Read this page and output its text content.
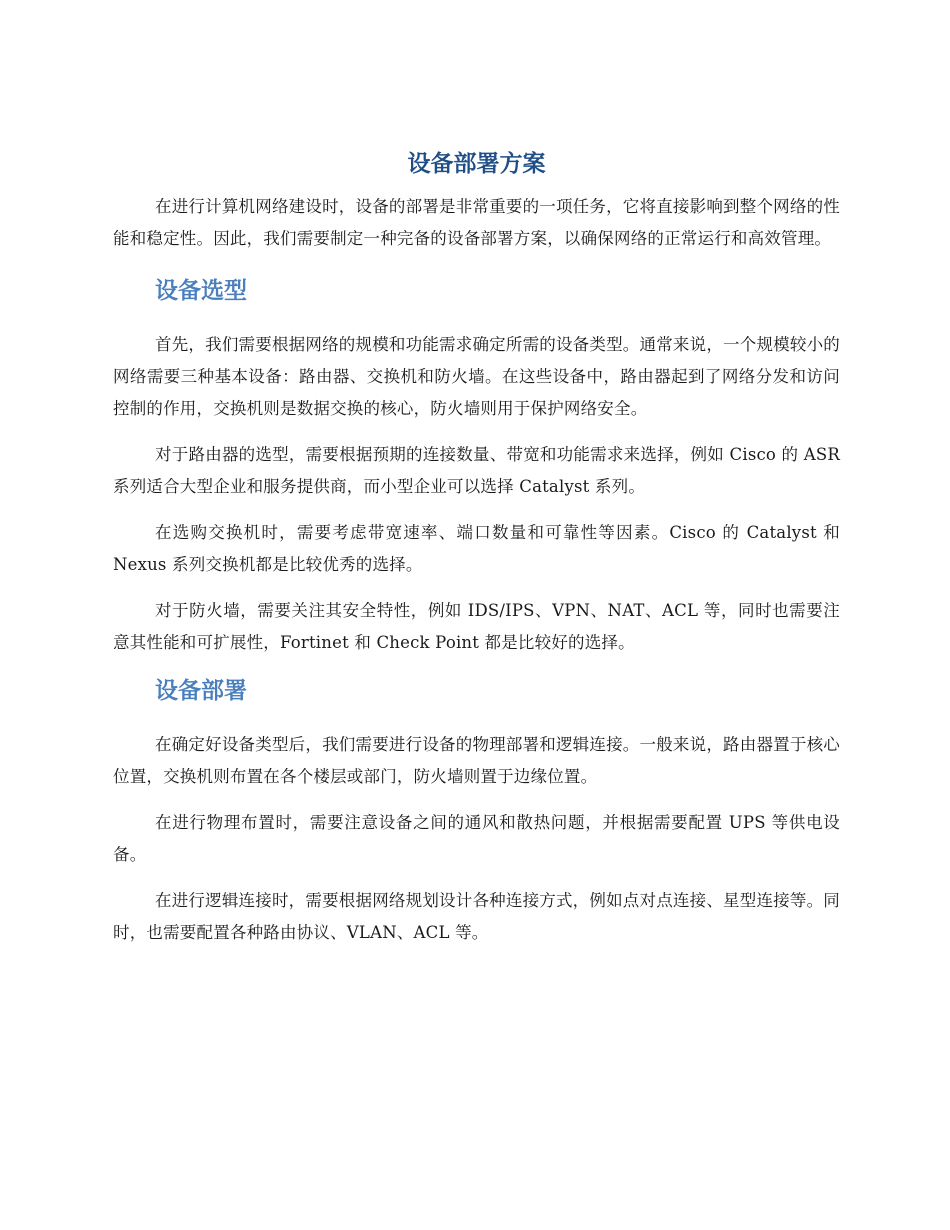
设备部署方案

在进行计算机网络建设时，设备的部署是非常重要的一项任务，它将直接影响到整个网络的性能和稳定性。因此，我们需要制定一种完备的设备部署方案，以确保网络的正常运行和高效管理。

设备选型

首先，我们需要根据网络的规模和功能需求确定所需的设备类型。通常来说，一个规模较小的网络需要三种基本设备：路由器、交换机和防火墙。在这些设备中，路由器起到了网络分发和访问控制的作用，交换机则是数据交换的核心，防火墙则用于保护网络安全。

对于路由器的选型，需要根据预期的连接数量、带宽和功能需求来选择，例如 Cisco 的 ASR 系列适合大型企业和服务提供商，而小型企业可以选择 Catalyst 系列。

在选购交换机时，需要考虑带宽速率、端口数量和可靠性等因素。Cisco 的 Catalyst 和 Nexus 系列交换机都是比较优秀的选择。

对于防火墙，需要关注其安全特性，例如 IDS/IPS、VPN、NAT、ACL 等，同时也需要注意其性能和可扩展性，Fortinet 和 Check Point 都是比较好的选择。

设备部署

在确定好设备类型后，我们需要进行设备的物理部署和逻辑连接。一般来说，路由器置于核心位置，交换机则布置在各个楼层或部门，防火墙则置于边缘位置。

在进行物理布置时，需要注意设备之间的通风和散热问题，并根据需要配置 UPS 等供电设备。

在进行逻辑连接时，需要根据网络规划设计各种连接方式，例如点对点连接、星型连接等。同时，也需要配置各种路由协议、VLAN、ACL 等。
